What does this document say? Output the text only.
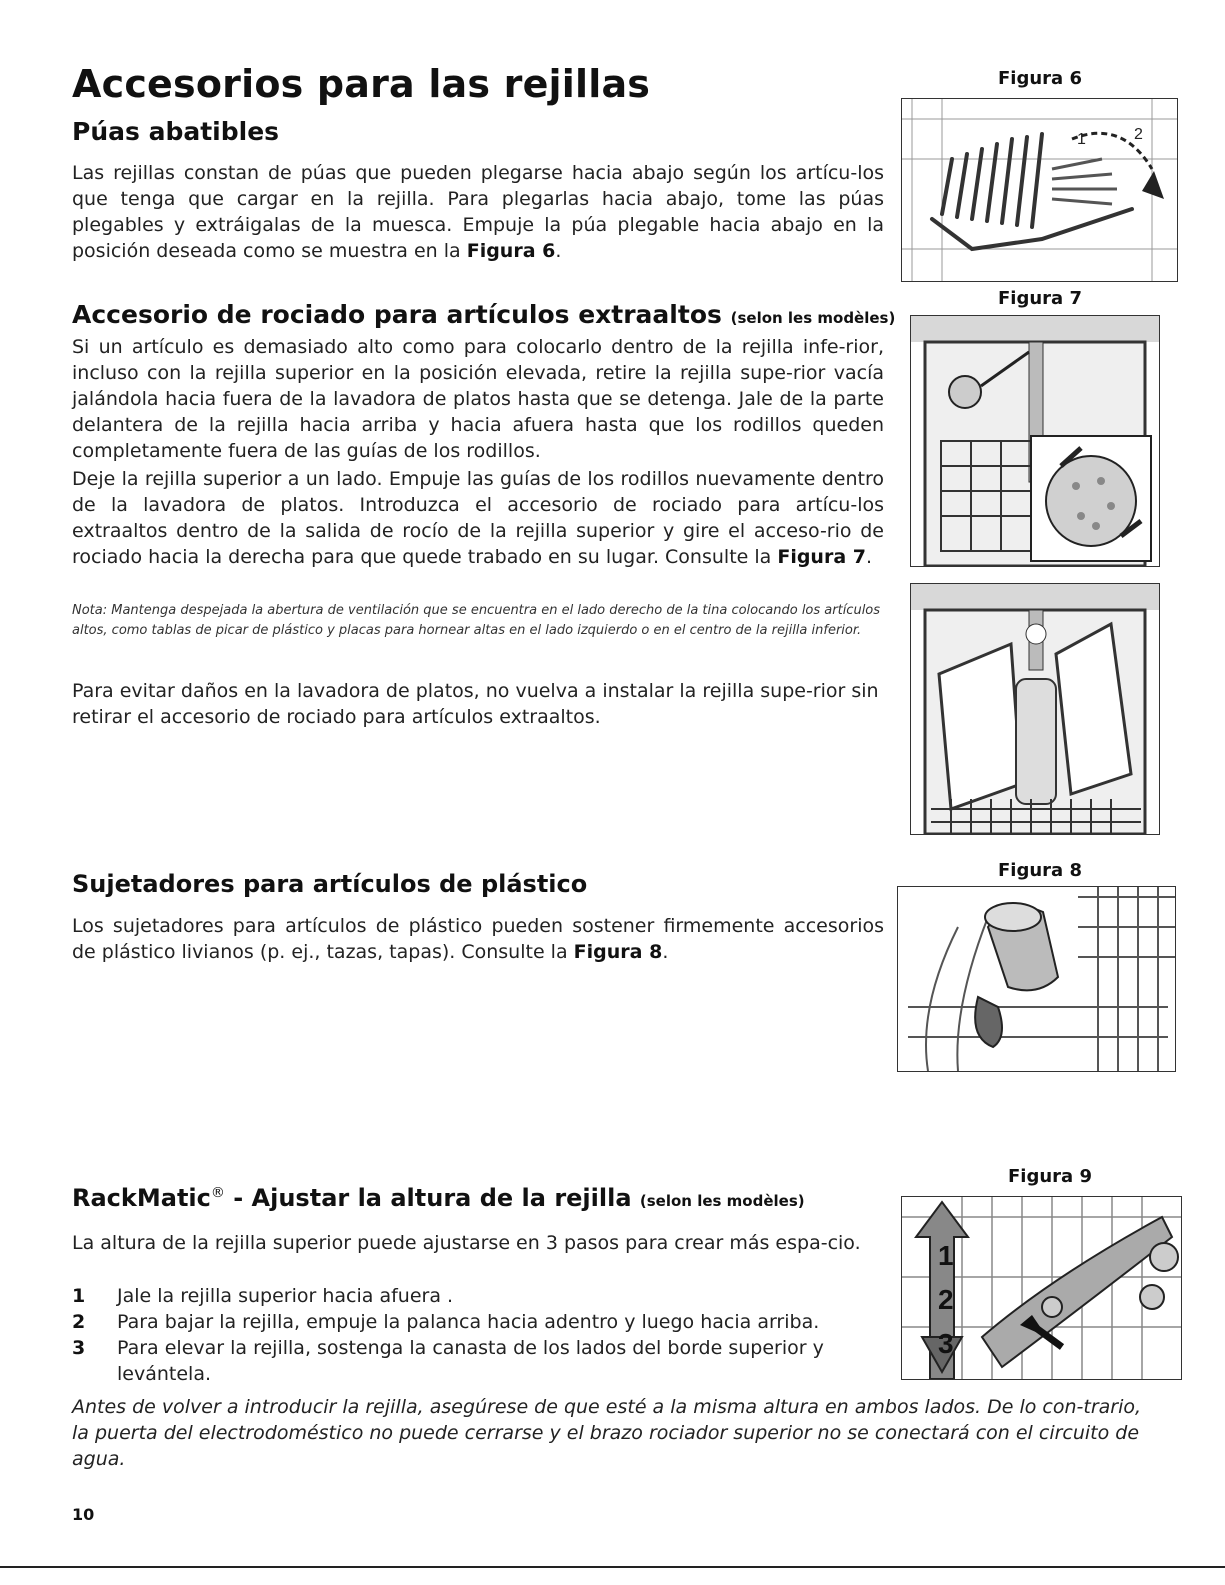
Accesorios para las rejillas
Púas abatibles

Las rejillas constan de púas que pueden plegarse hacia abajo según los artícu-los que tenga que cargar en la rejilla. Para plegarlas hacia abajo, tome las púas plegables y extráigalas de la muesca. Empuje la púa plegable hacia abajo en la posición deseada como se muestra en la Figura 6.

Accesorio de rociado para artículos extraaltos (selon les modèles)

Si un artículo es demasiado alto como para colocarlo dentro de la rejilla infe-rior, incluso con la rejilla superior en la posición elevada, retire la rejilla supe-rior vacía jalándola hacia fuera de la lavadora de platos hasta que se detenga. Jale de la parte delantera de la rejilla hacia arriba y hacia afuera hasta que los rodillos queden completamente fuera de las guías de los rodillos.

Deje la rejilla superior a un lado. Empuje las guías de los rodillos nuevamente dentro de la lavadora de platos. Introduzca el accesorio de rociado para artícu-los extraaltos dentro de la salida de rocío de la rejilla superior y gire el acceso-rio de rociado hacia la derecha para que quede trabado en su lugar. Consulte la Figura 7.

Nota: Mantenga despejada la abertura de ventilación que se encuentra en el lado derecho de la tina colocando los artículos altos, como tablas de picar de plástico y placas para hornear altas en el lado izquierdo o en el centro de la rejilla inferior.

Para evitar daños en la lavadora de platos, no vuelva a instalar la rejilla supe-rior sin retirar el accesorio de rociado para artículos extraaltos.

Sujetadores para artículos de plástico

Los sujetadores para artículos de plástico pueden sostener firmemente accesorios de plástico livianos (p. ej., tazas, tapas). Consulte la Figura 8.

RackMatic® - Ajustar la altura de la rejilla (selon les modèles)

La altura de la rejilla superior puede ajustarse en 3 pasos para crear más espa-cio.

1 Jale la rejilla superior hacia afuera .
2 Para bajar la rejilla, empuje la palanca hacia adentro y luego hacia arriba.
3 Para elevar la rejilla, sostenga la canasta de los lados del borde superior y levántela.

Antes de volver a introducir la rejilla, asegúrese de que esté a la misma altura en ambos lados. De lo con-trario, la puerta del electrodoméstico no puede cerrarse y el brazo rociador superior no se conectará con el circuito de agua.

Figura 6
1	2
Figura 7
Figura 8
Figura 9
1
2
3
10
